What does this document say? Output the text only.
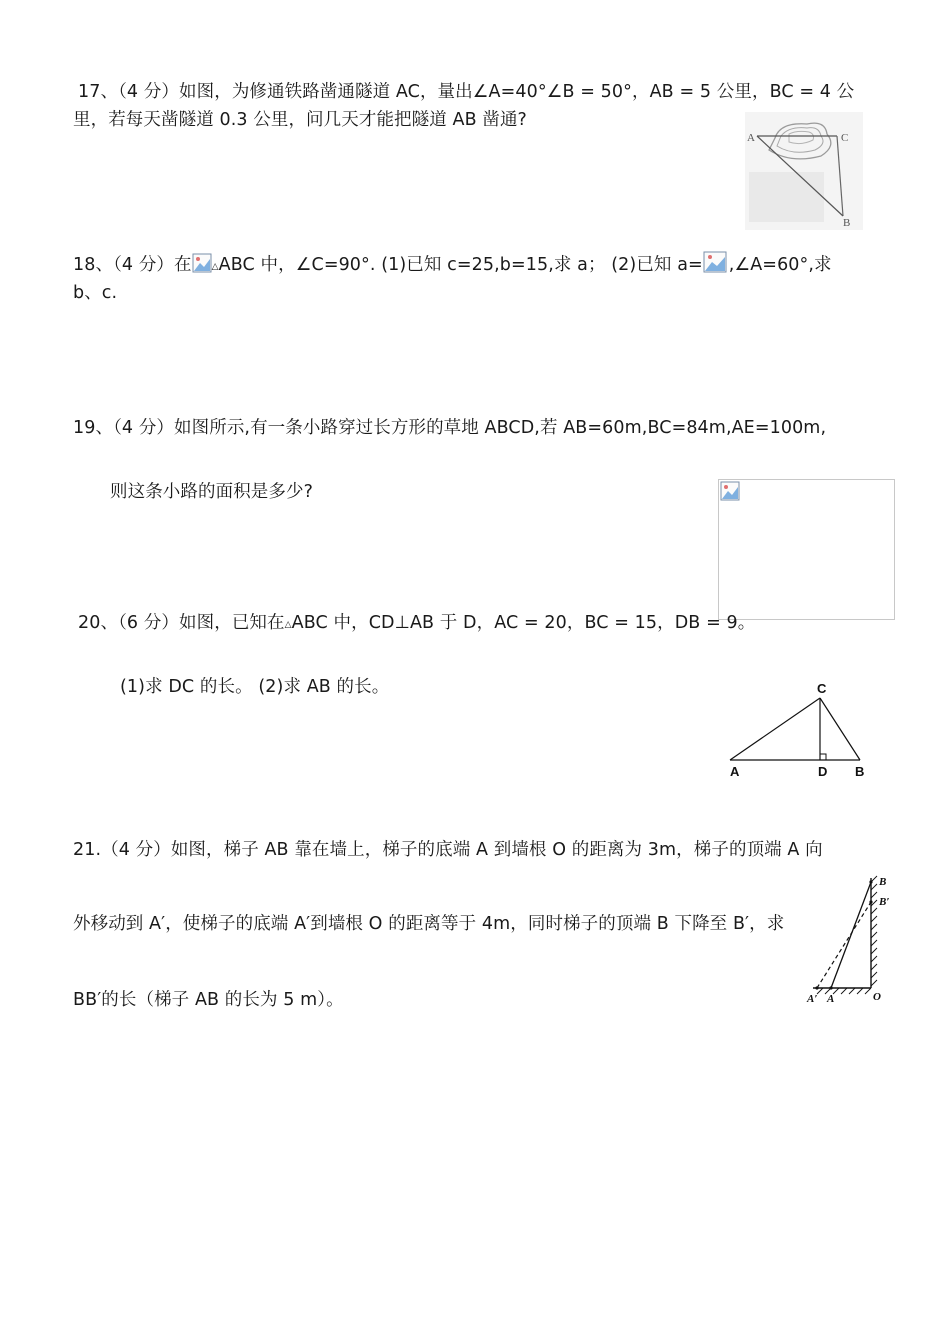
17、（4 分）如图，为修通铁路凿通隧道 AC，量出∠A=40°∠B = 50°，AB = 5 公里，BC = 4 公
里，若每天凿隧道 0.3 公里，问几天才能把隧道 AB 凿通?
A	C
B
18、（4 分）在 △ABC 中，∠C=90°. (1)已知 c=25,b=15,求 a； (2)已知 a= ,∠A=60°,求
b、c.
19、（4 分）如图所示,有一条小路穿过长方形的草地 ABCD,若 AB=60m,BC=84m,AE=100m,
则这条小路的面积是多少?
20、（6 分）如图，已知在△ABC 中，CD⊥AB 于 D，AC = 20，BC = 15，DB = 9。
(1)求 DC 的长。 (2)求 AB 的长。	C
A	D B
21.（4 分）如图，梯子 AB 靠在墙上，梯子的底端 A 到墙根 O 的距离为 3m，梯子的顶端 A 向
外移动到 A′，使梯子的底端 A′到墙根 O 的距离等于 4m，同时梯子的顶端 B 下降至 B′，求
BB′的长（梯子 AB 的长为 5 m）。
B
B′
A′ A	O
